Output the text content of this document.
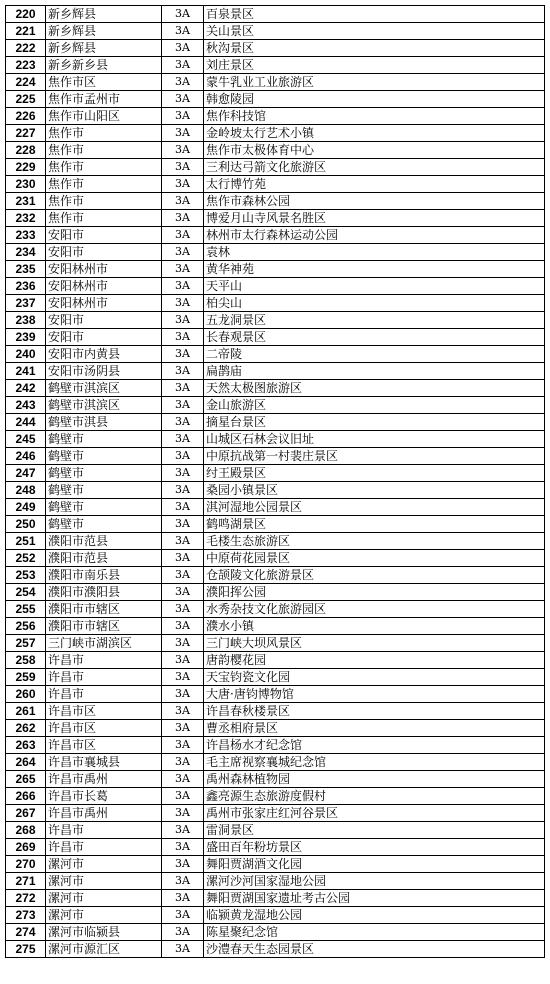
220	新乡辉县	3A	百泉景区
221	新乡辉县	3A	关山景区
222	新乡辉县	3A	秋沟景区
223	新乡新乡县	3A	刘庄景区
224	焦作市区	3A	蒙牛乳业工业旅游区
225	焦作市孟州市	3A	韩愈陵园
226	焦作市山阳区	3A	焦作科技馆
227	焦作市	3A	金岭坡太行艺术小镇
228	焦作市	3A	焦作市太极体育中心
229	焦作市	3A	三利达弓箭文化旅游区
230	焦作市	3A	太行博竹苑
231	焦作市	3A	焦作市森林公园
232	焦作市	3A	博爱月山寺风景名胜区
233	安阳市	3A	林州市太行森林运动公园
234	安阳市	3A	袁林
235	安阳林州市	3A	黄华神苑
236	安阳林州市	3A	天平山
237	安阳林州市	3A	柏尖山
238	安阳市	3A	五龙洞景区
239	安阳市	3A	长春观景区
240	安阳市内黄县	3A	二帝陵
241	安阳市汤阴县	3A	扁鹊庙
242	鹤壁市淇滨区	3A	天然太极图旅游区
243	鹤壁市淇滨区	3A	金山旅游区
244	鹤壁市淇县	3A	摘星台景区
245	鹤壁市	3A	山城区石林会议旧址
246	鹤壁市	3A	中原抗战第一村裴庄景区
247	鹤壁市	3A	纣王殿景区
248	鹤壁市	3A	桑园小镇景区
249	鹤壁市	3A	淇河湿地公园景区
250	鹤壁市	3A	鹤鸣湖景区
251	濮阳市范县	3A	毛楼生态旅游区
252	濮阳市范县	3A	中原荷花园景区
253	濮阳市南乐县	3A	仓颉陵文化旅游景区
254	濮阳市濮阳县	3A	濮阳挥公园
255	濮阳市市辖区	3A	水秀杂技文化旅游园区
256	濮阳市市辖区	3A	濮水小镇
257	三门峡市湖滨区	3A	三门峡大坝风景区
258	许昌市	3A	唐韵樱花园
259	许昌市	3A	天宝钧瓷文化园
260	许昌市	3A	大唐·唐钧博物馆
261	许昌市区	3A	许昌春秋楼景区
262	许昌市区	3A	曹丞相府景区
263	许昌市区	3A	许昌杨水才纪念馆
264	许昌市襄城县	3A	毛主席视察襄城纪念馆
265	许昌市禹州	3A	禹州森林植物园
266	许昌市长葛	3A	鑫亮源生态旅游度假村
267	许昌市禹州	3A	禹州市张家庄红河谷景区
268	许昌市	3A	雷洞景区
269	许昌市	3A	盛田百年粉坊景区
270	漯河市	3A	舞阳贾湖酒文化园
271	漯河市	3A	漯河沙河国家湿地公园
272	漯河市	3A	舞阳贾湖国家遗址考古公园
273	漯河市	3A	临颍黄龙湿地公园
274	漯河市临颍县	3A	陈星聚纪念馆
275	漯河市源汇区	3A	沙澧春天生态园景区
